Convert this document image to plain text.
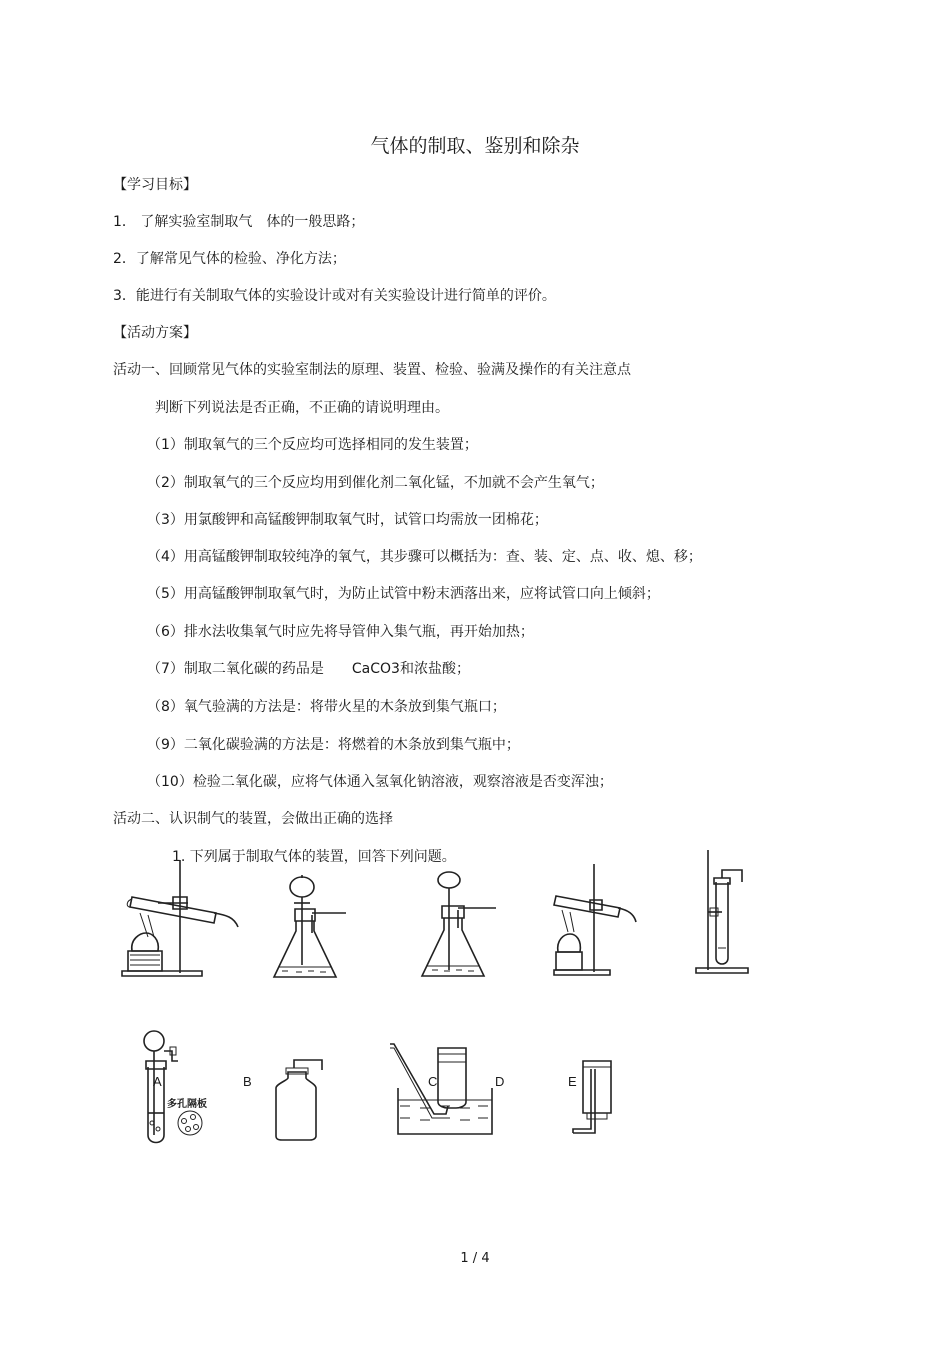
气体的制取、鉴别和除杂
【学习目标】
1． 了解实验室制取气　体的一般思路；
2．了解常见气体的检验、净化方法；
3．能进行有关制取气体的实验设计或对有关实验设计进行简单的评价。
【活动方案】
活动一、回顾常见气体的实验室制法的原理、装置、检验、验满及操作的有关注意点
判断下列说法是否正确，不正确的请说明理由。
（1）制取氧气的三个反应均可选择相同的发生装置；
（2）制取氧气的三个反应均用到催化剂二氧化锰，不加就不会产生氧气；
（3）用氯酸钾和高锰酸钾制取氧气时，试管口均需放一团棉花；
（4）用高锰酸钾制取较纯净的氧气，其步骤可以概括为：查、装、定、点、收、熄、移；
（5）用高锰酸钾制取氧气时，为防止试管中粉末洒落出来，应将试管口向上倾斜；
（6）排水法收集氧气时应先将导管伸入集气瓶，再开始加热；
（7）制取二氧化碳的药品是　　CaCO3和浓盐酸；
（8）氧气验满的方法是：将带火星的木条放到集气瓶口；
（9）二氧化碳验满的方法是：将燃着的木条放到集气瓶中；
（10）检验二氧化碳，应将气体通入氢氧化钠溶液，观察溶液是否变浑浊；
活动二、认识制气的装置，会做出正确的选择
1. 下列属于制取气体的装置，回答下列问题。
A
多孔隔板
B	C	D	E
1 / 4
